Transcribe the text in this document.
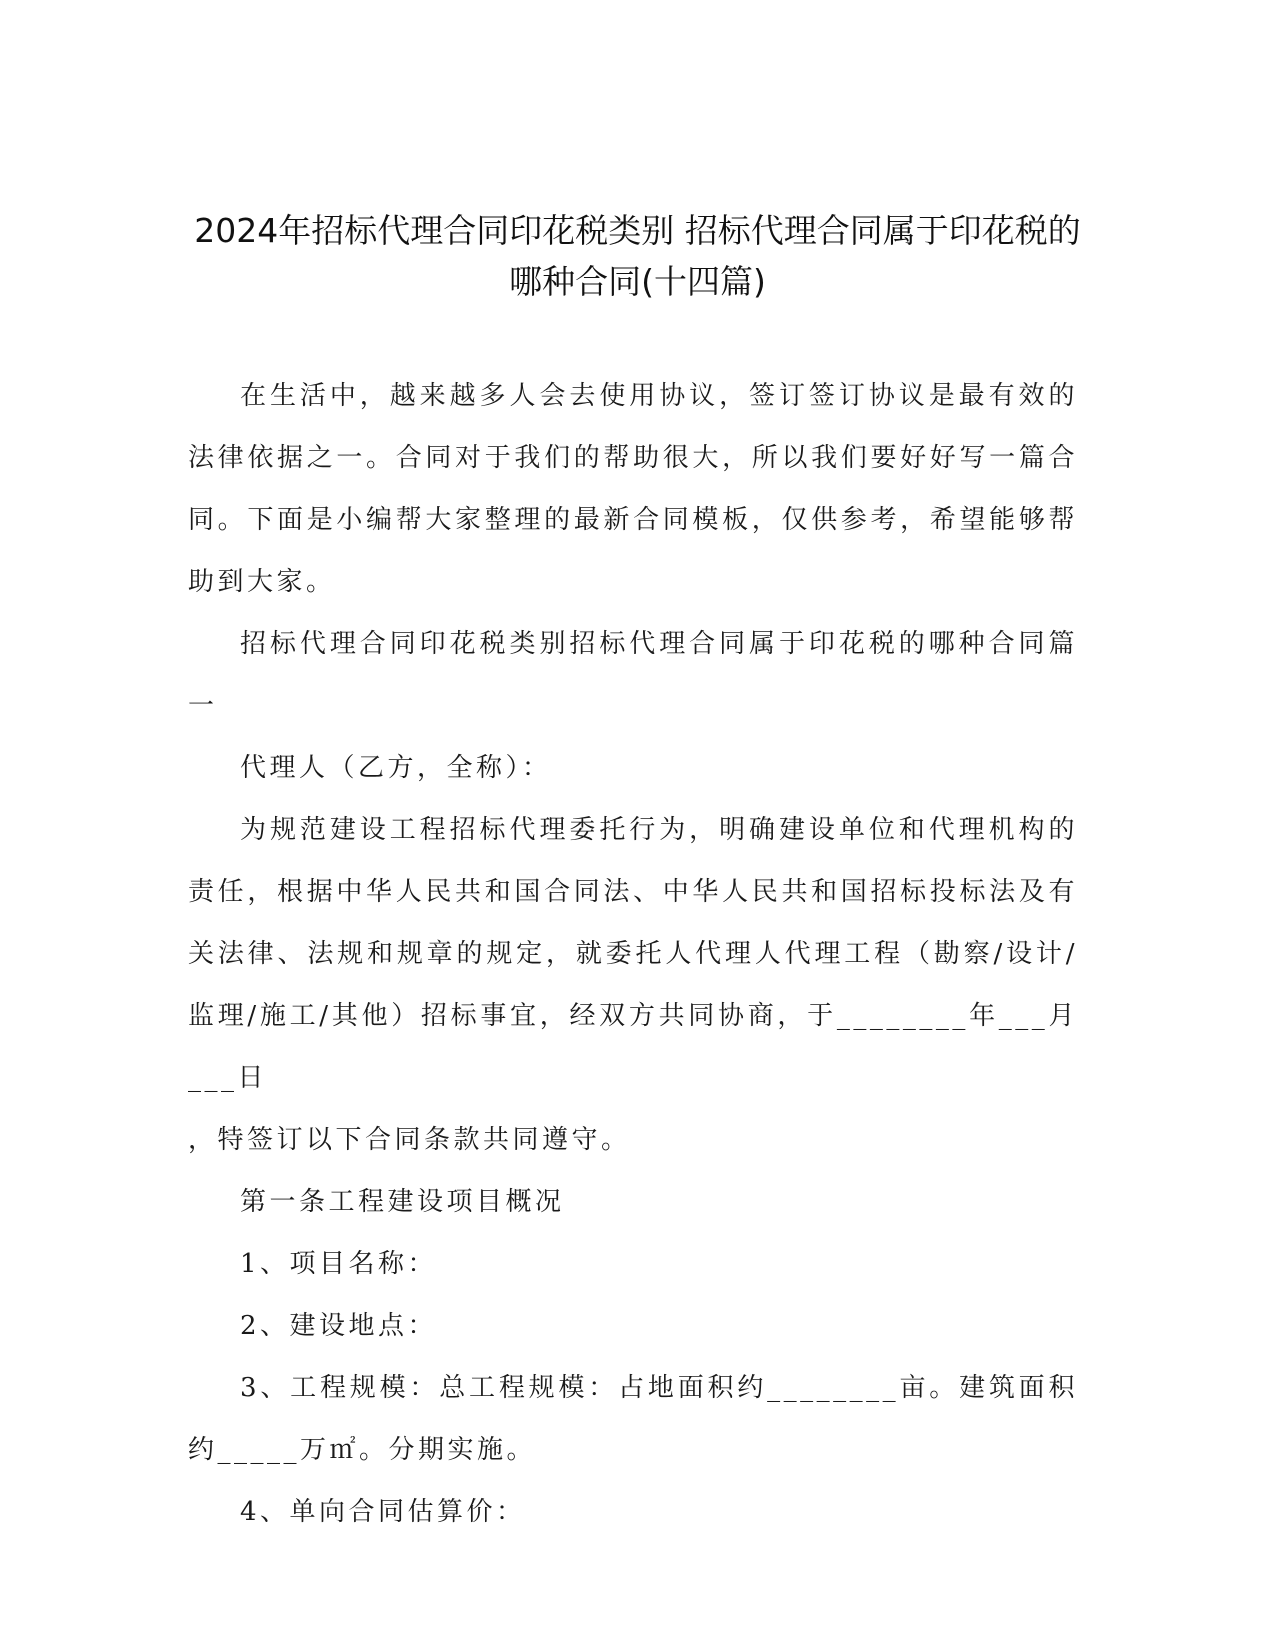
2024年招标代理合同印花税类别 招标代理合同属于印花税的
哪种合同(十四篇)

在生活中，越来越多人会去使用协议，签订签订协议是最有效的法律依据之一。合同对于我们的帮助很大，所以我们要好好写一篇合同。下面是小编帮大家整理的最新合同模板，仅供参考，希望能够帮助到大家。

招标代理合同印花税类别招标代理合同属于印花税的哪种合同篇一

代理人（乙方，全称）：

为规范建设工程招标代理委托行为，明确建设单位和代理机构的责任，根据中华人民共和国合同法、中华人民共和国招标投标法及有关法律、法规和规章的规定，就委托人代理人代理工程（勘察/设计/监理/施工/其他）招标事宜，经双方共同协商，于________年___月___日

，特签订以下合同条款共同遵守。

第一条工程建设项目概况

1、项目名称：

2、建设地点：

3、工程规模：总工程规模：占地面积约________亩。建筑面积约_____万㎡。分期实施。

4、单向合同估算价：
